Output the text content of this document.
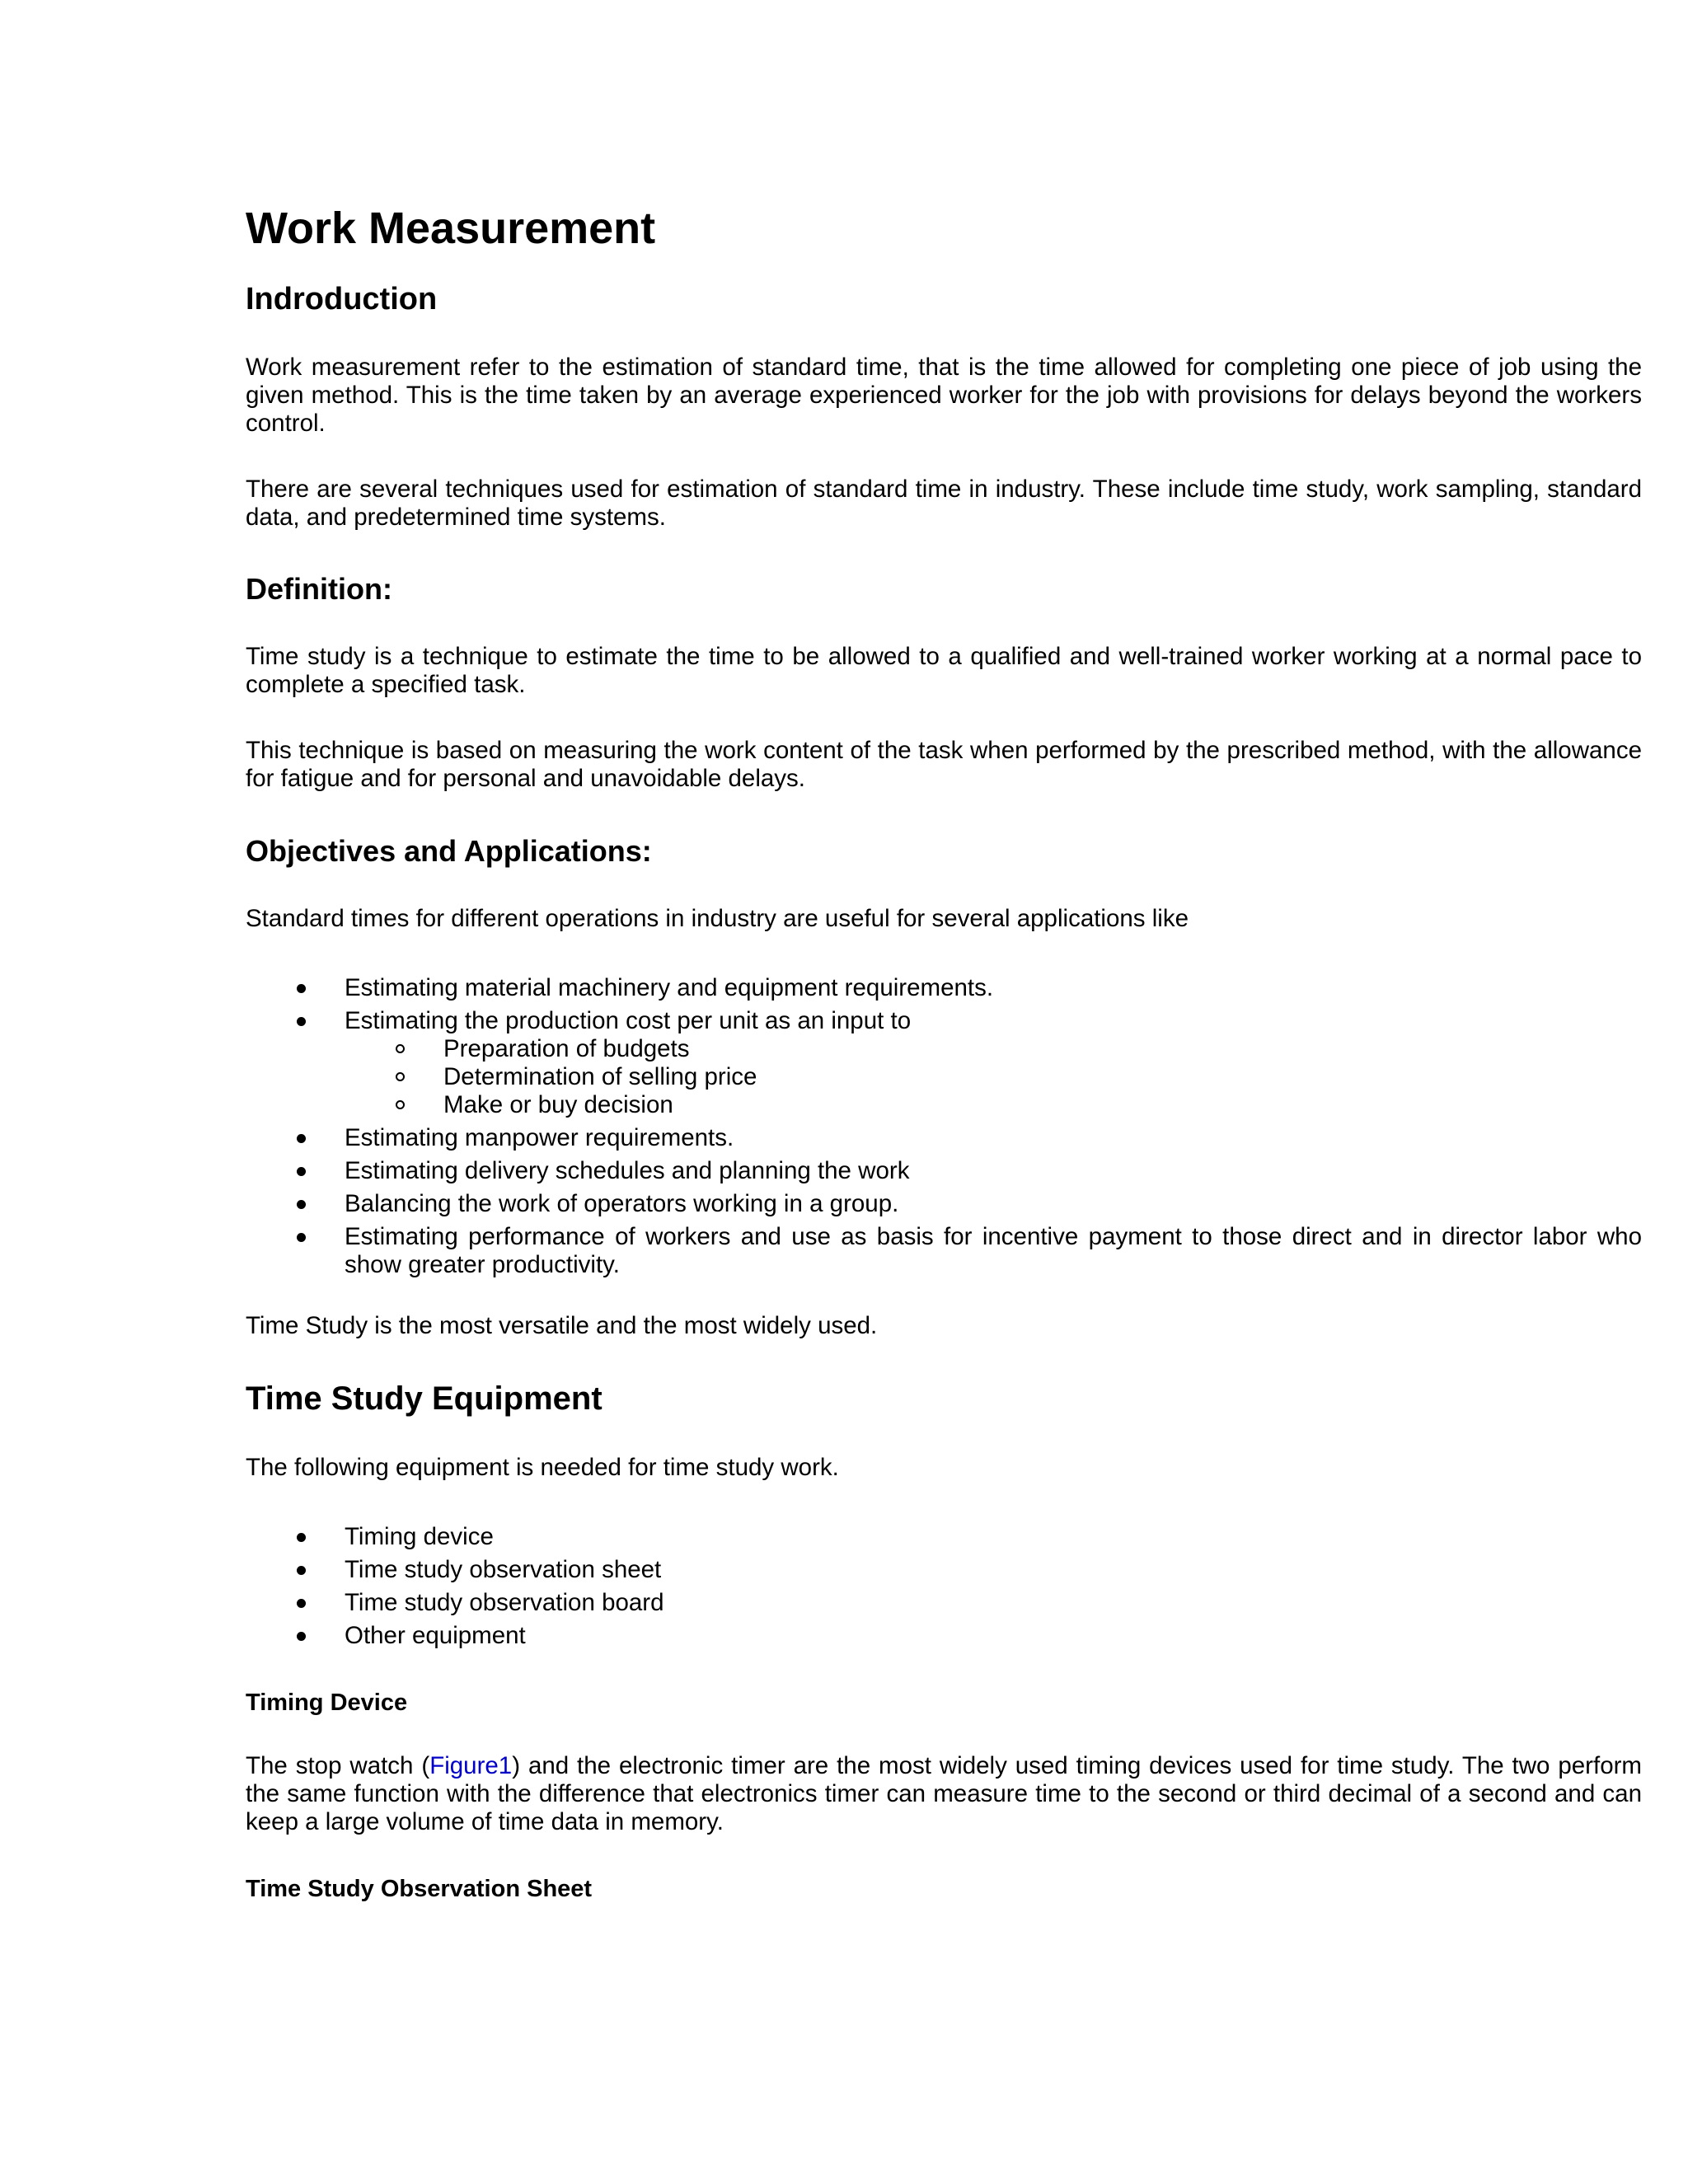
Work Measurement
Indroduction

Work measurement refer to the estimation of standard time, that is the time allowed for completing one piece of job using the given method. This is the time taken by an average experienced worker for the job with provisions for delays beyond the workers control.

There are several techniques used for estimation of standard time in industry. These include time study, work sampling, standard data, and predetermined time systems.

Definition:

Time study is a technique to estimate the time to be allowed to a qualified and well-trained worker working at a normal pace to complete a specified task.

This technique is based on measuring the work content of the task when performed by the prescribed method, with the allowance for fatigue and for personal and unavoidable delays.

Objectives and Applications:

Standard times for different operations in industry are useful for several applications like

Estimating material machinery and equipment requirements.
Estimating the production cost per unit as an input to
Preparation of budgets
Determination of selling price
Make or buy decision
Estimating manpower requirements.
Estimating delivery schedules and planning the work
Balancing the work of operators working in a group.
Estimating performance of workers and use as basis for incentive payment to those direct and in director labor who show greater productivity.

Time Study is the most versatile and the most widely used.

Time Study Equipment

The following equipment is needed for time study work.

Timing device
Time study observation sheet
Time study observation board
Other equipment
Timing Device

The stop watch (Figure1) and the electronic timer are the most widely used timing devices used for time study. The two perform the same function with the difference that electronics timer can measure time to the second or third decimal of a second and can keep a large volume of time data in memory.

Time Study Observation Sheet
